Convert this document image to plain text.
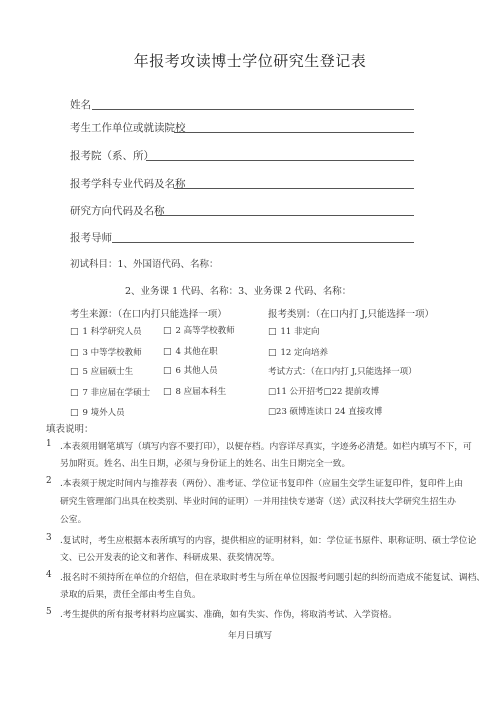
年报考攻读博士学位研究生登记表
姓名
考生工作单位或就读院校
报考院（系、所）
报考学科专业代码及名称
研究方向代码及名称
报考导师
初试科目：1、外国语代码、名称：
2、业务课 1 代码、名称：3、业务课 2 代码、名称：
考生来源：（在口内打只能选择一项）
□ 1 科学研究人员 □ 2 高等学校教师
□ 3 中等学校教师 □ 4 其他在职
□ 5 应届硕士生	□ 6 其他人员
□ 7 非应届在学硕士 □ 8 应届本科生
□ 9 境外人员
报考类别：（在口内打 J,只能选择一项）
□ 11 非定向
□ 12 定向培养
考试方式：（在口内打 J,只能选择一项）
□11 公开招考□22 提前攻博
□23 硕博连读口 24 直接攻博
填表说明：
1 .本表须用钢笔填写（填写内容不要打印），以便存档。内容详尽真实，字迹务必清楚。如栏内填写不下，可
另加附页。姓名、出生日期，必须与身份证上的姓名、出生日期完全一致。
2 .本表须于规定时间内与推荐表（两份）、准考证、学位证书复印件（应届生交学生证复印件，复印件上由
研究生管理部门出具在校类别、毕业时间的证明）一并用挂快专递寄（送）武汉科技大学研究生招生办
公室。
3 .复试时，考生应根据本表所填写的内容，提供相应的证明材料，如：学位证书原件、职称证明、硕士学位论
文、已公开发表的论文和著作、科研成果、获奖情况等。
4 .报名时不须持所在单位的介绍信，但在录取时考生与所在单位因报考问题引起的纠纷而造成不能复试、调档、
录取的后果，责任全部由考生自负。
5 .考生提供的所有报考材料均应属实、准确，如有失实、作伪，将取消考试、入学资格。
年月日填写
